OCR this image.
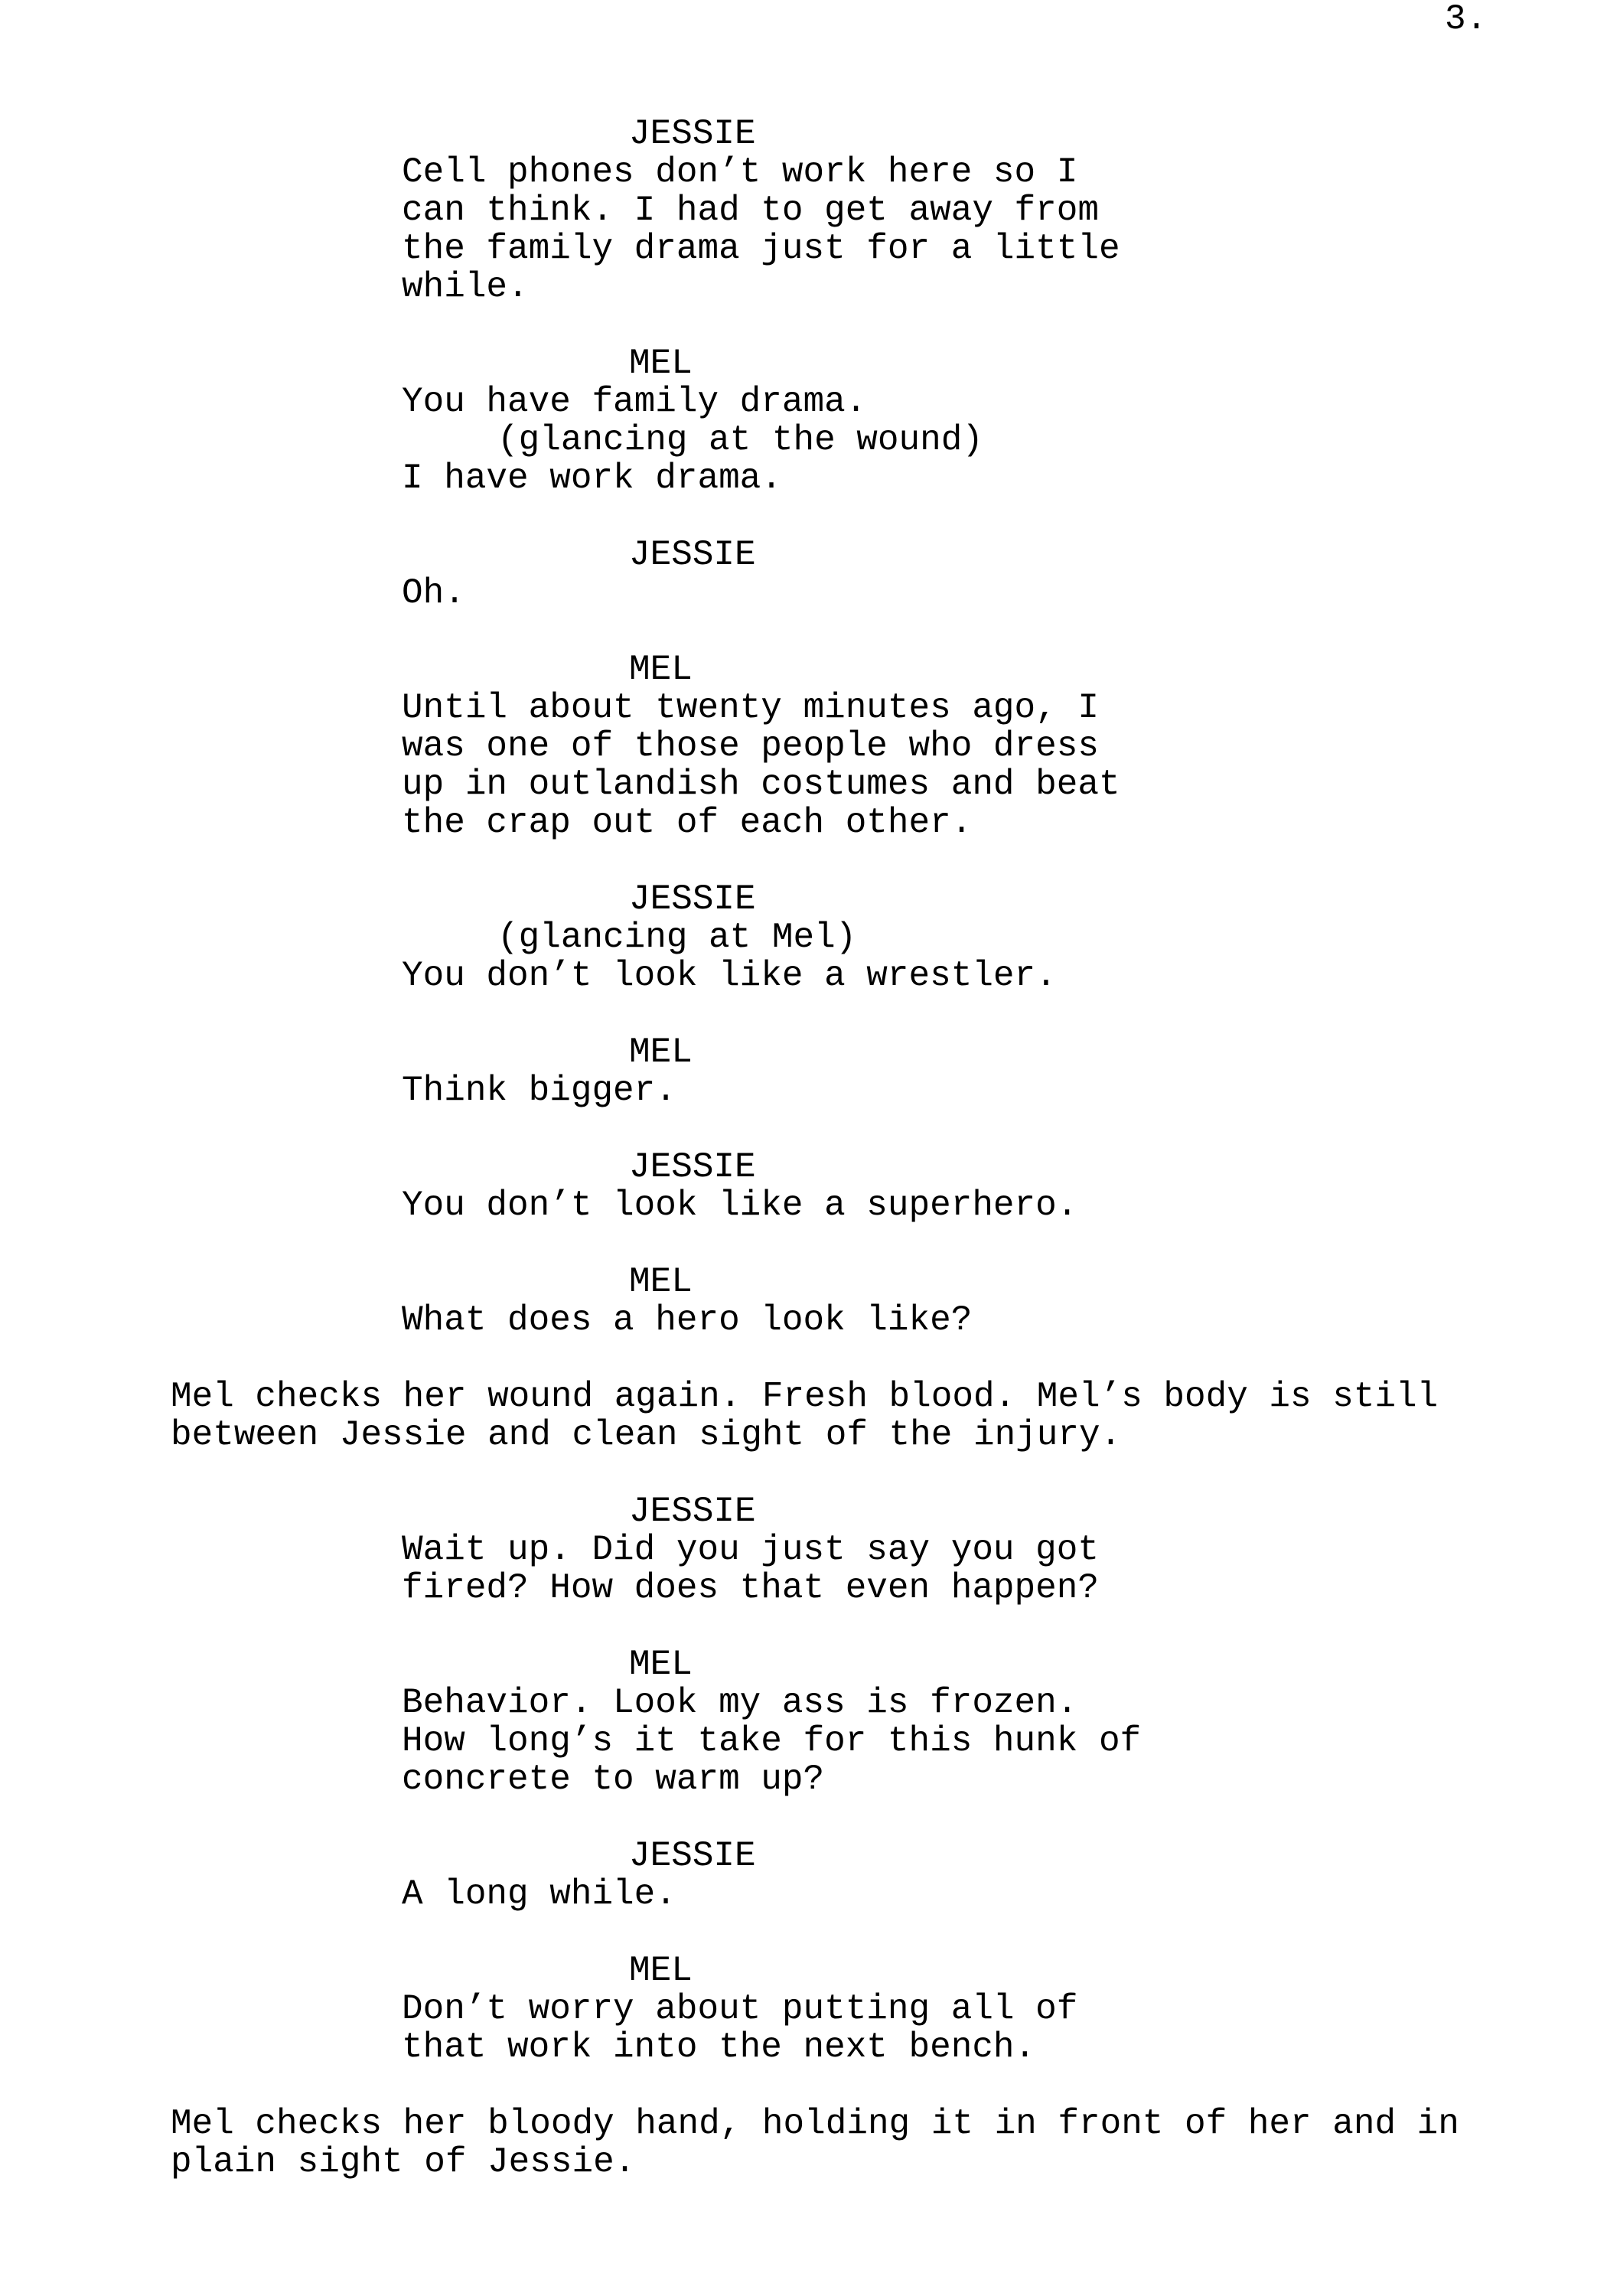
3.
JESSIE
Cell phones don’t work here so I
can think. I had to get away from
the family drama just for a little
while.
MEL
You have family drama.
(glancing at the wound)
I have work drama.
JESSIE
Oh.
MEL
Until about twenty minutes ago, I
was one of those people who dress
up in outlandish costumes and beat
the crap out of each other.
JESSIE
(glancing at Mel)
You don’t look like a wrestler.
MEL
Think bigger.
JESSIE
You don’t look like a superhero.
MEL
What does a hero look like?
Mel checks her wound again. Fresh blood. Mel’s body is still
between Jessie and clean sight of the injury.
JESSIE
Wait up. Did you just say you got
fired? How does that even happen?
MEL
Behavior. Look my ass is frozen.
How long’s it take for this hunk of
concrete to warm up?
JESSIE
A long while.
MEL
Don’t worry about putting all of
that work into the next bench.
Mel checks her bloody hand, holding it in front of her and in
plain sight of Jessie.
